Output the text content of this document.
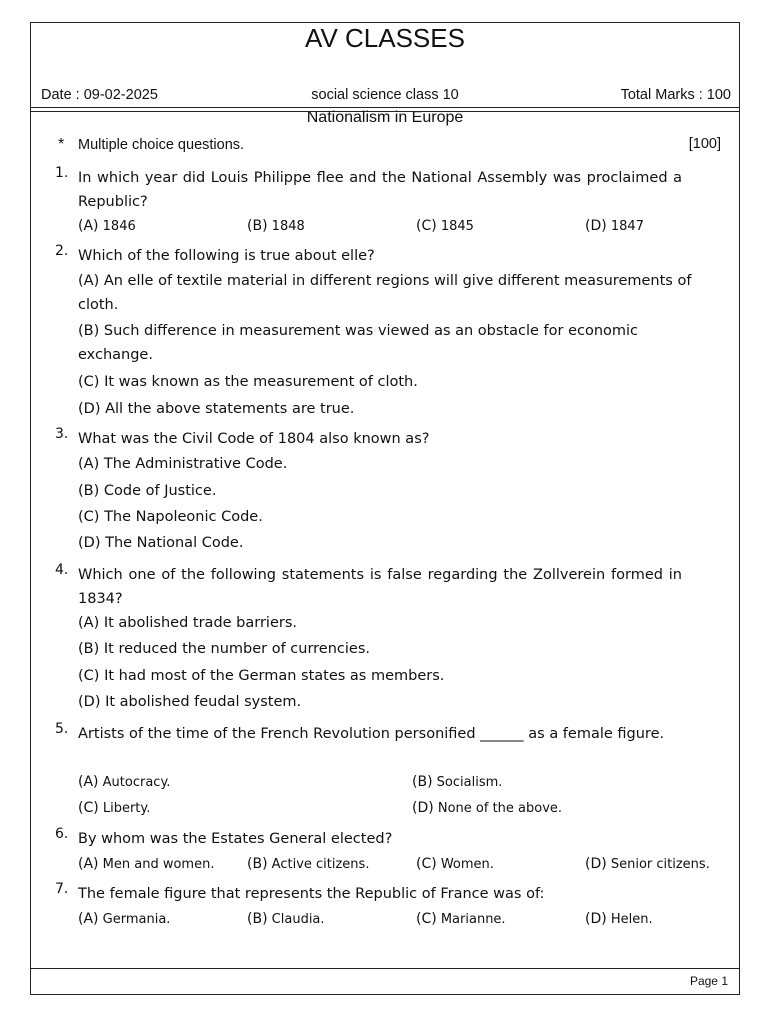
AV CLASSES
Date : 09-02-2025	social science class 10	Total Marks : 100
Nationalism in Europe
* Multiple choice questions.	[100]
1. In which year did Louis Philippe flee and the National Assembly was proclaimed a Republic?
(A) 1846	(B) 1848	(C) 1845	(D) 1847
2. Which of the following is true about elle?
(A) An elle of textile material in different regions will give different measurements of cloth.
(B) Such difference in measurement was viewed as an obstacle for economic exchange.
(C) It was known as the measurement of cloth.
(D) All the above statements are true.
3. What was the Civil Code of 1804 also known as?
(A) The Administrative Code.
(B) Code of Justice.
(C) The Napoleonic Code.
(D) The National Code.
4. Which one of the following statements is false regarding the Zollverein formed in 1834?
(A) It abolished trade barriers.
(B) It reduced the number of currencies.
(C) It had most of the German states as members.
(D) It abolished feudal system.
5. Artists of the time of the French Revolution personified ______ as a female figure.
(A) Autocracy.	(B) Socialism.
(C) Liberty.	(D) None of the above.
6. By whom was the Estates General elected?
(A) Men and women. (B) Active citizens.	(C) Women.	(D) Senior citizens.
7. The female figure that represents the Republic of France was of:
(A) Germania.	(B) Claudia.	(C) Marianne.	(D) Helen.
Page 1
